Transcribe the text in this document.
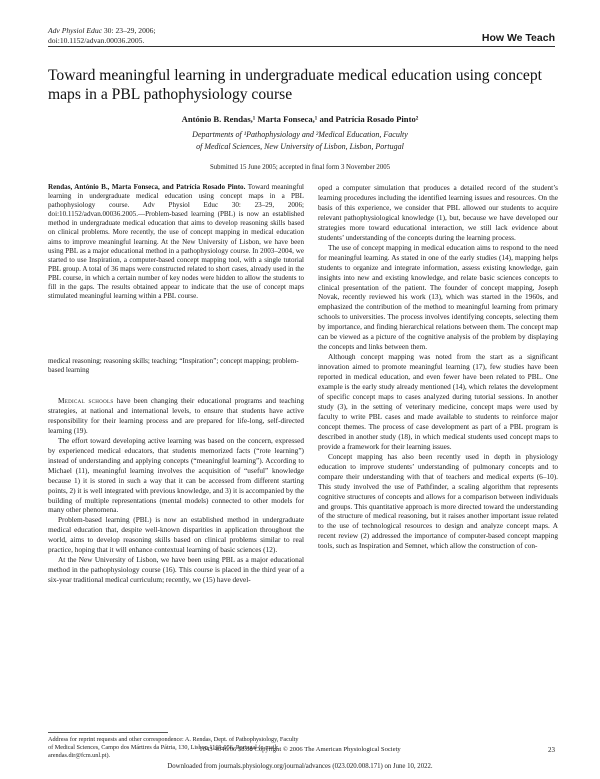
Adv Physiol Educ 30: 23–29, 2006;
doi:10.1152/advan.00036.2005.	How We Teach
Toward meaningful learning in undergraduate medical education using concept maps in a PBL pathophysiology course
António B. Rendas,¹ Marta Fonseca,¹ and Patrícia Rosado Pinto²
Departments of ¹Pathophysiology and ²Medical Education, Faculty
of Medical Sciences, New University of Lisbon, Lisbon, Portugal
Submitted 15 June 2005; accepted in final form 3 November 2005
Rendas, António B., Marta Fonseca, and Patrícia Rosado Pinto. Toward meaningful learning in undergraduate medical education using concept maps in a PBL pathophysiology course. Adv Physiol Educ 30: 23–29, 2006; doi:10.1152/advan.00036.2005.—Problem-based learning (PBL) is now an established method in undergraduate medical education that aims to develop reasoning skills based on clinical problems. More recently, the use of concept mapping in medical education aims to improve meaningful learning. At the New University of Lisbon, we have been using PBL as a major educational method in a pathophysiology course. In 2003–2004, we started to use Inspiration, a computer-based concept mapping tool, with a single tutorial PBL group. A total of 36 maps were constructed related to short cases, already used in the PBL course, in which a certain number of key nodes were hidden to allow the students to fill in the gaps. The results obtained appear to indicate that the use of concept maps stimulated meaningful learning within a PBL course.
medical reasoning; reasoning skills; teaching; “Inspiration”; concept mapping; problem-based learning

Medical schools have been changing their educational programs and teaching strategies, at national and international levels, to ensure that students have active responsibility for their learning process and are prepared for life-long, self-directed learning (19).

The effort toward developing active learning was based on the concern, expressed by experienced medical educators, that students memorized facts (“rote learning”) instead of understanding and applying concepts (“meaningful learning”). According to Michael (11), meaningful learning involves the acquisition of “useful” knowledge because 1) it is stored in such a way that it can be accessed from different starting points, 2) it is well integrated with previous knowledge, and 3) it is accompanied by the building of multiple representations (mental models) connected to other models for many other phenomena.

Problem-based learning (PBL) is now an established method in undergraduate medical education that, despite well-known disparities in application throughout the world, aims to develop reasoning skills based on clinical problems similar to real practice, hoping that it will enhance contextual learning of basic sciences (12).

At the New University of Lisbon, we have been using PBL as a major educational method in the pathophysiology course (16). This course is placed in the third year of a six-year traditional medical curriculum; recently, we (15) have devel-

oped a computer simulation that produces a detailed record of the student’s learning procedures including the identified learning issues and resources. On the basis of this experience, we consider that PBL allowed our students to acquire relevant pathophysiological knowledge (1), but, because we have developed our strategies more toward educational interaction, we still lack evidence about students’ understanding of the concepts during the learning process.

The use of concept mapping in medical education aims to respond to the need for meaningful learning. As stated in one of the early studies (14), mapping helps students to organize and integrate information, assess existing knowledge, gain insights into new and existing knowledge, and relate basic sciences concepts to clinical presentation of the patient. The founder of concept mapping, Joseph Novak, recently reviewed his work (13), which was started in the 1960s, and emphasized the contribution of the method to meaningful learning from primary schools to universities. The process involves identifying concepts, selecting them by importance, and finding hierarchical relations between them. The concept map can be viewed as a picture of the cognitive analysis of the problem by displaying the concepts and links between them.

Although concept mapping was noted from the start as a significant innovation aimed to promote meaningful learning (17), few studies have been reported in medical education, and even fewer have been related to PBL. One example is the early study already mentioned (14), which relates the development of specific concept maps to cases analyzed during tutorial sessions. In another study (3), in the setting of veterinary medicine, concept maps were used by faculty to write PBL cases and made available to students to reinforce major concept themes. The process of case development as part of a PBL program is described in another study (18), in which medical students used concept maps to provide a framework for their learning issues.

Concept mapping has also been recently used in depth in physiology education to improve students’ understanding of pulmonary concepts and to compare their understanding with that of teachers and medical experts (6–10). This study involved the use of Pathfinder, a scaling algorithm that represents cognitive structures of concepts and allows for a comparison between individuals and groups. This quantitative approach is more directed toward the understanding of the structure of medical reasoning, but it raises another important issue related to the use of technological resources to design and analyze concept maps. A recent review (2) addressed the importance of computer-based concept mapping tools, such as Inspiration and Semnet, which allow the construction of con-

Address for reprint requests and other correspondence: A. Rendas, Dept. of Pathophysiology, Faculty of Medical Sciences, Campo dos Mártires da Pátria, 130, Lisbon 1169-056, Portugal (e-mail: arendas.dir@fcm.unl.pt).
1043-4046/06 $8.00 Copyright © 2006 The American Physiological Society	23
Downloaded from journals.physiology.org/journal/advances (023.020.008.171) on June 10, 2022.
